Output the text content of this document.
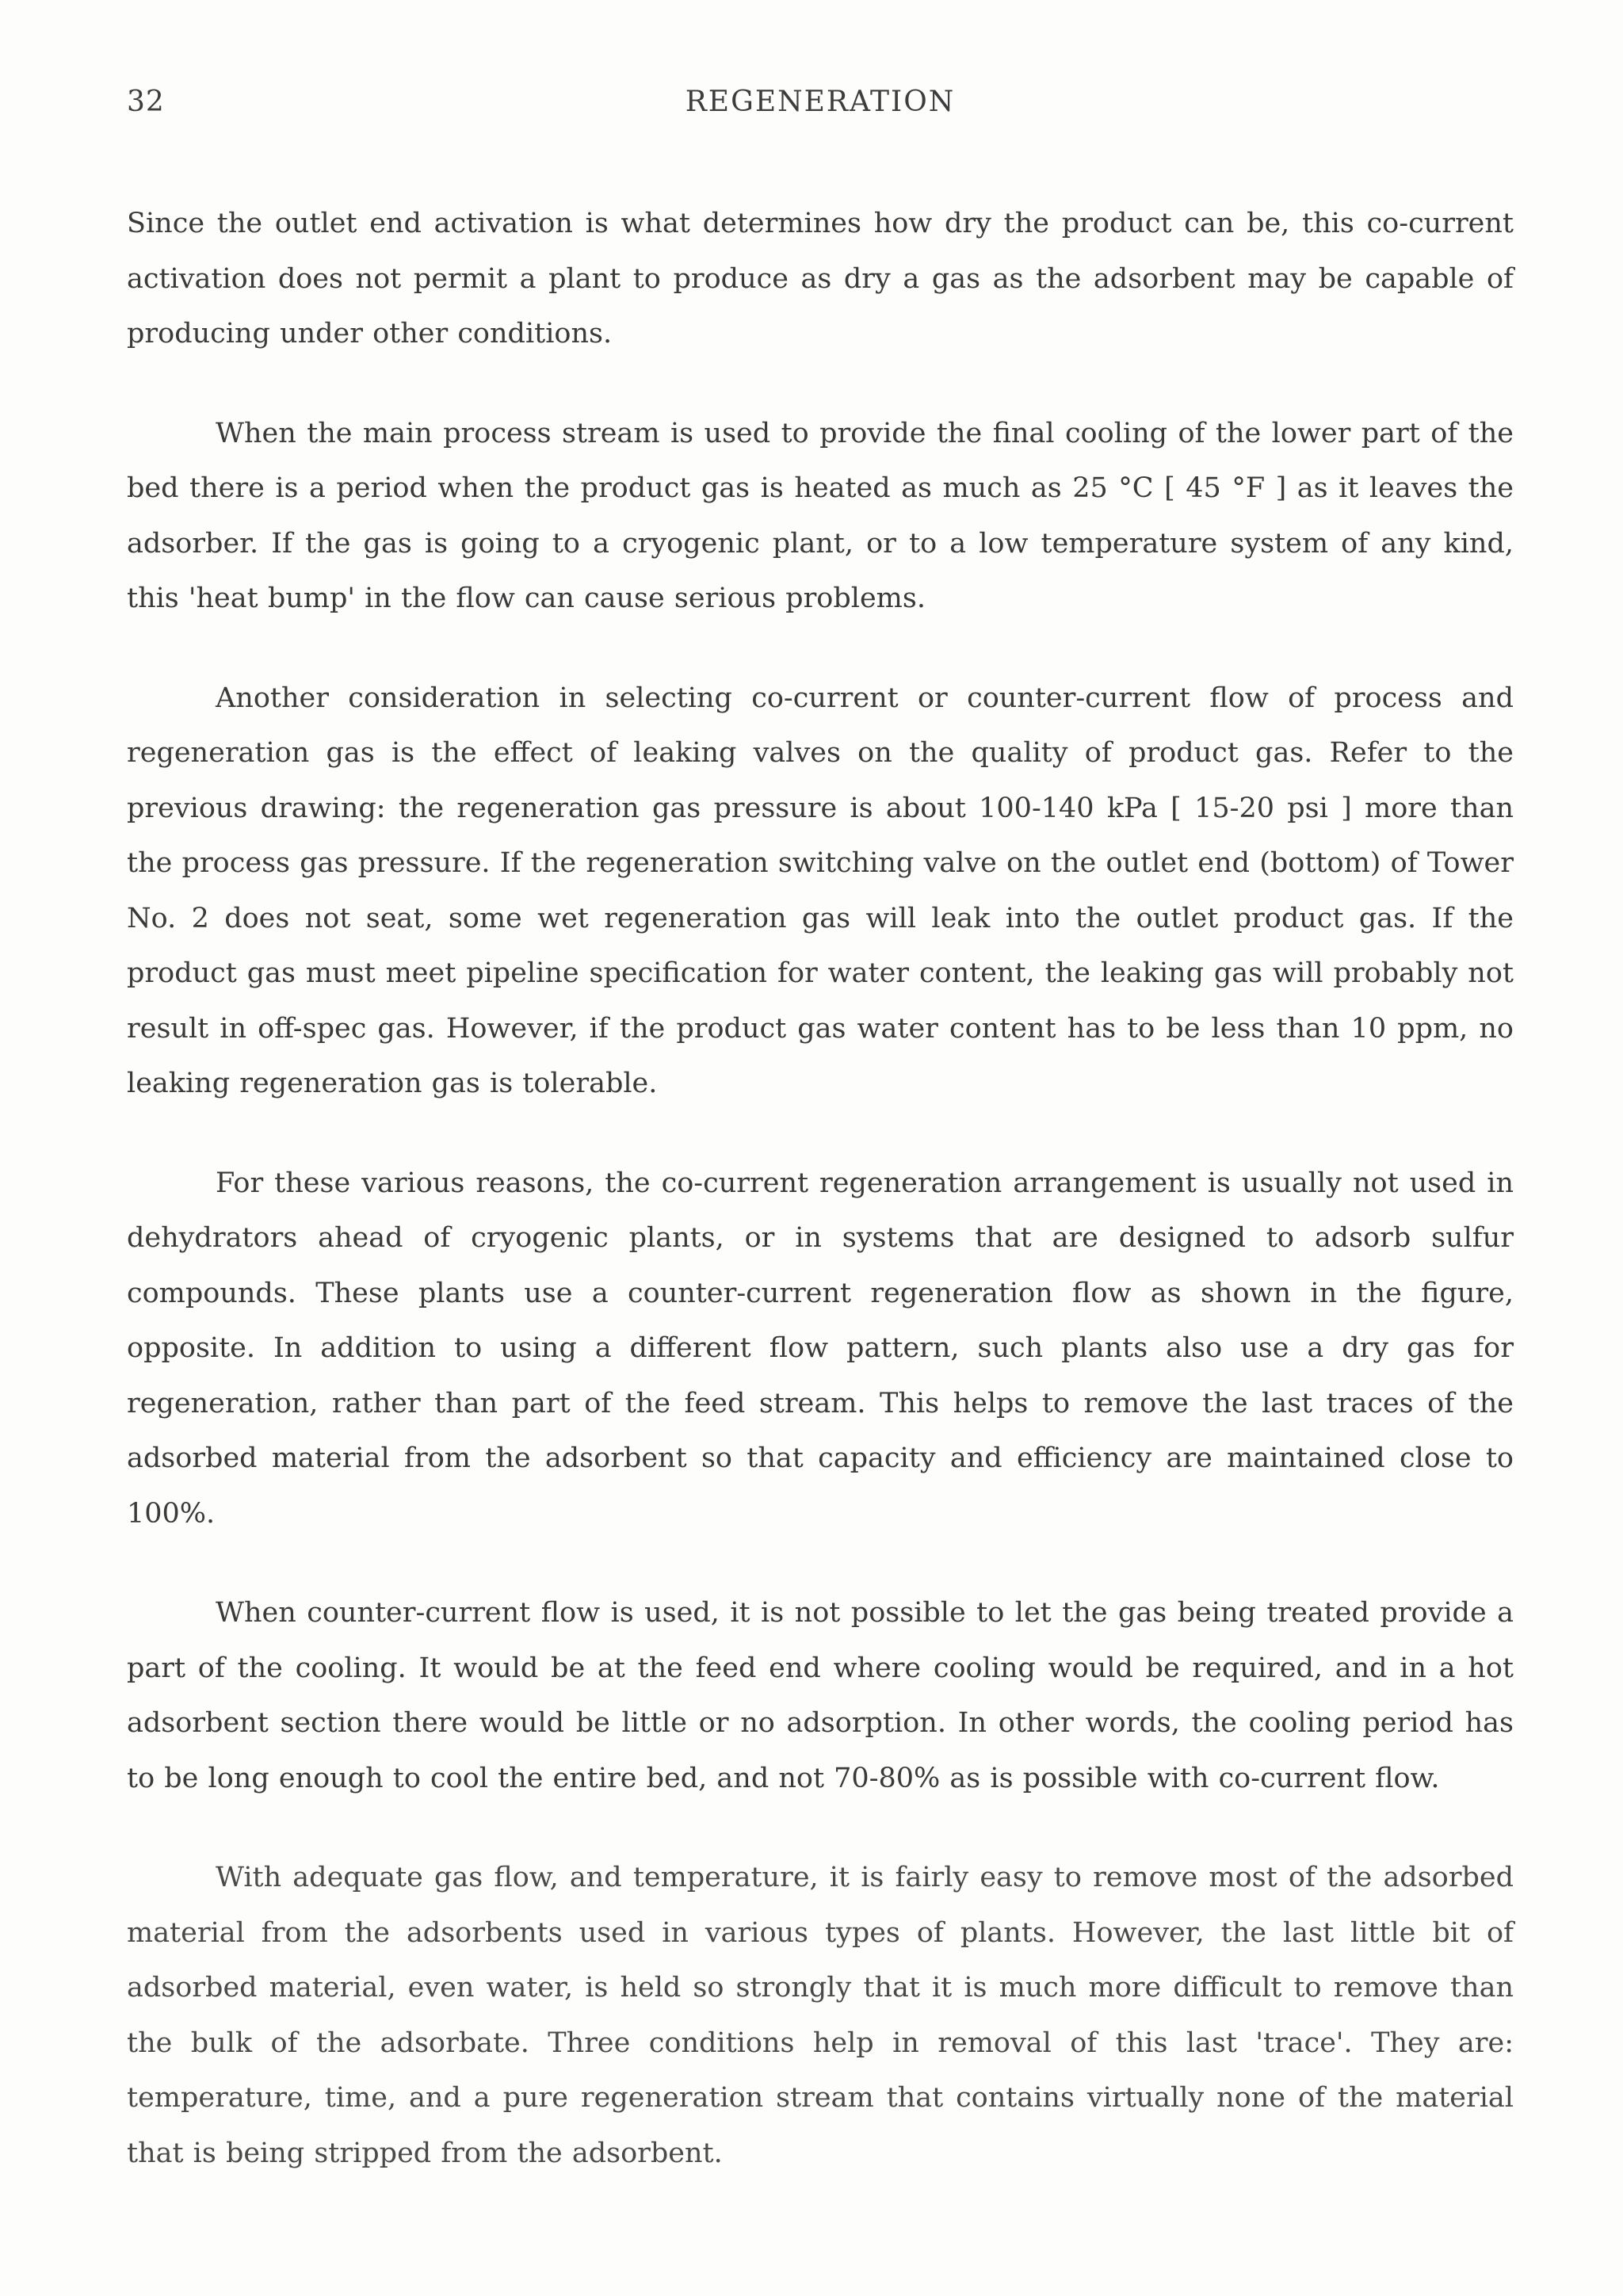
32	REGENERATION

Since the outlet end activation is what determines how dry the product can be, this co-current activation does not permit a plant to produce as dry a gas as the adsorbent may be capable of producing under other conditions.

When the main process stream is used to provide the final cooling of the lower part of the bed there is a period when the product gas is heated as much as 25 °C [ 45 °F ] as it leaves the adsorber. If the gas is going to a cryogenic plant, or to a low temperature system of any kind, this 'heat bump' in the flow can cause serious problems.

Another consideration in selecting co-current or counter-current flow of process and regeneration gas is the effect of leaking valves on the quality of product gas. Refer to the previous drawing: the regeneration gas pressure is about 100-140 kPa [ 15-20 psi ] more than the process gas pressure. If the regeneration switching valve on the outlet end (bottom) of Tower No. 2 does not seat, some wet regeneration gas will leak into the outlet product gas. If the product gas must meet pipeline specification for water content, the leaking gas will probably not result in off-spec gas. However, if the product gas water content has to be less than 10 ppm, no leaking regeneration gas is tolerable.

For these various reasons, the co-current regeneration arrangement is usually not used in dehydrators ahead of cryogenic plants, or in systems that are designed to adsorb sulfur compounds. These plants use a counter-current regeneration flow as shown in the figure, opposite. In addition to using a different flow pattern, such plants also use a dry gas for regeneration, rather than part of the feed stream. This helps to remove the last traces of the adsorbed material from the adsorbent so that capacity and efficiency are maintained close to 100%.

When counter-current flow is used, it is not possible to let the gas being treated provide a part of the cooling. It would be at the feed end where cooling would be required, and in a hot adsorbent section there would be little or no adsorption. In other words, the cooling period has to be long enough to cool the entire bed, and not 70-80% as is possible with co-current flow.

With adequate gas flow, and temperature, it is fairly easy to remove most of the adsorbed material from the adsorbents used in various types of plants. However, the last little bit of adsorbed material, even water, is held so strongly that it is much more difficult to remove than the bulk of the adsorbate. Three conditions help in removal of this last 'trace'. They are: temperature, time, and a pure regeneration stream that contains virtually none of the material that is being stripped from the adsorbent.
